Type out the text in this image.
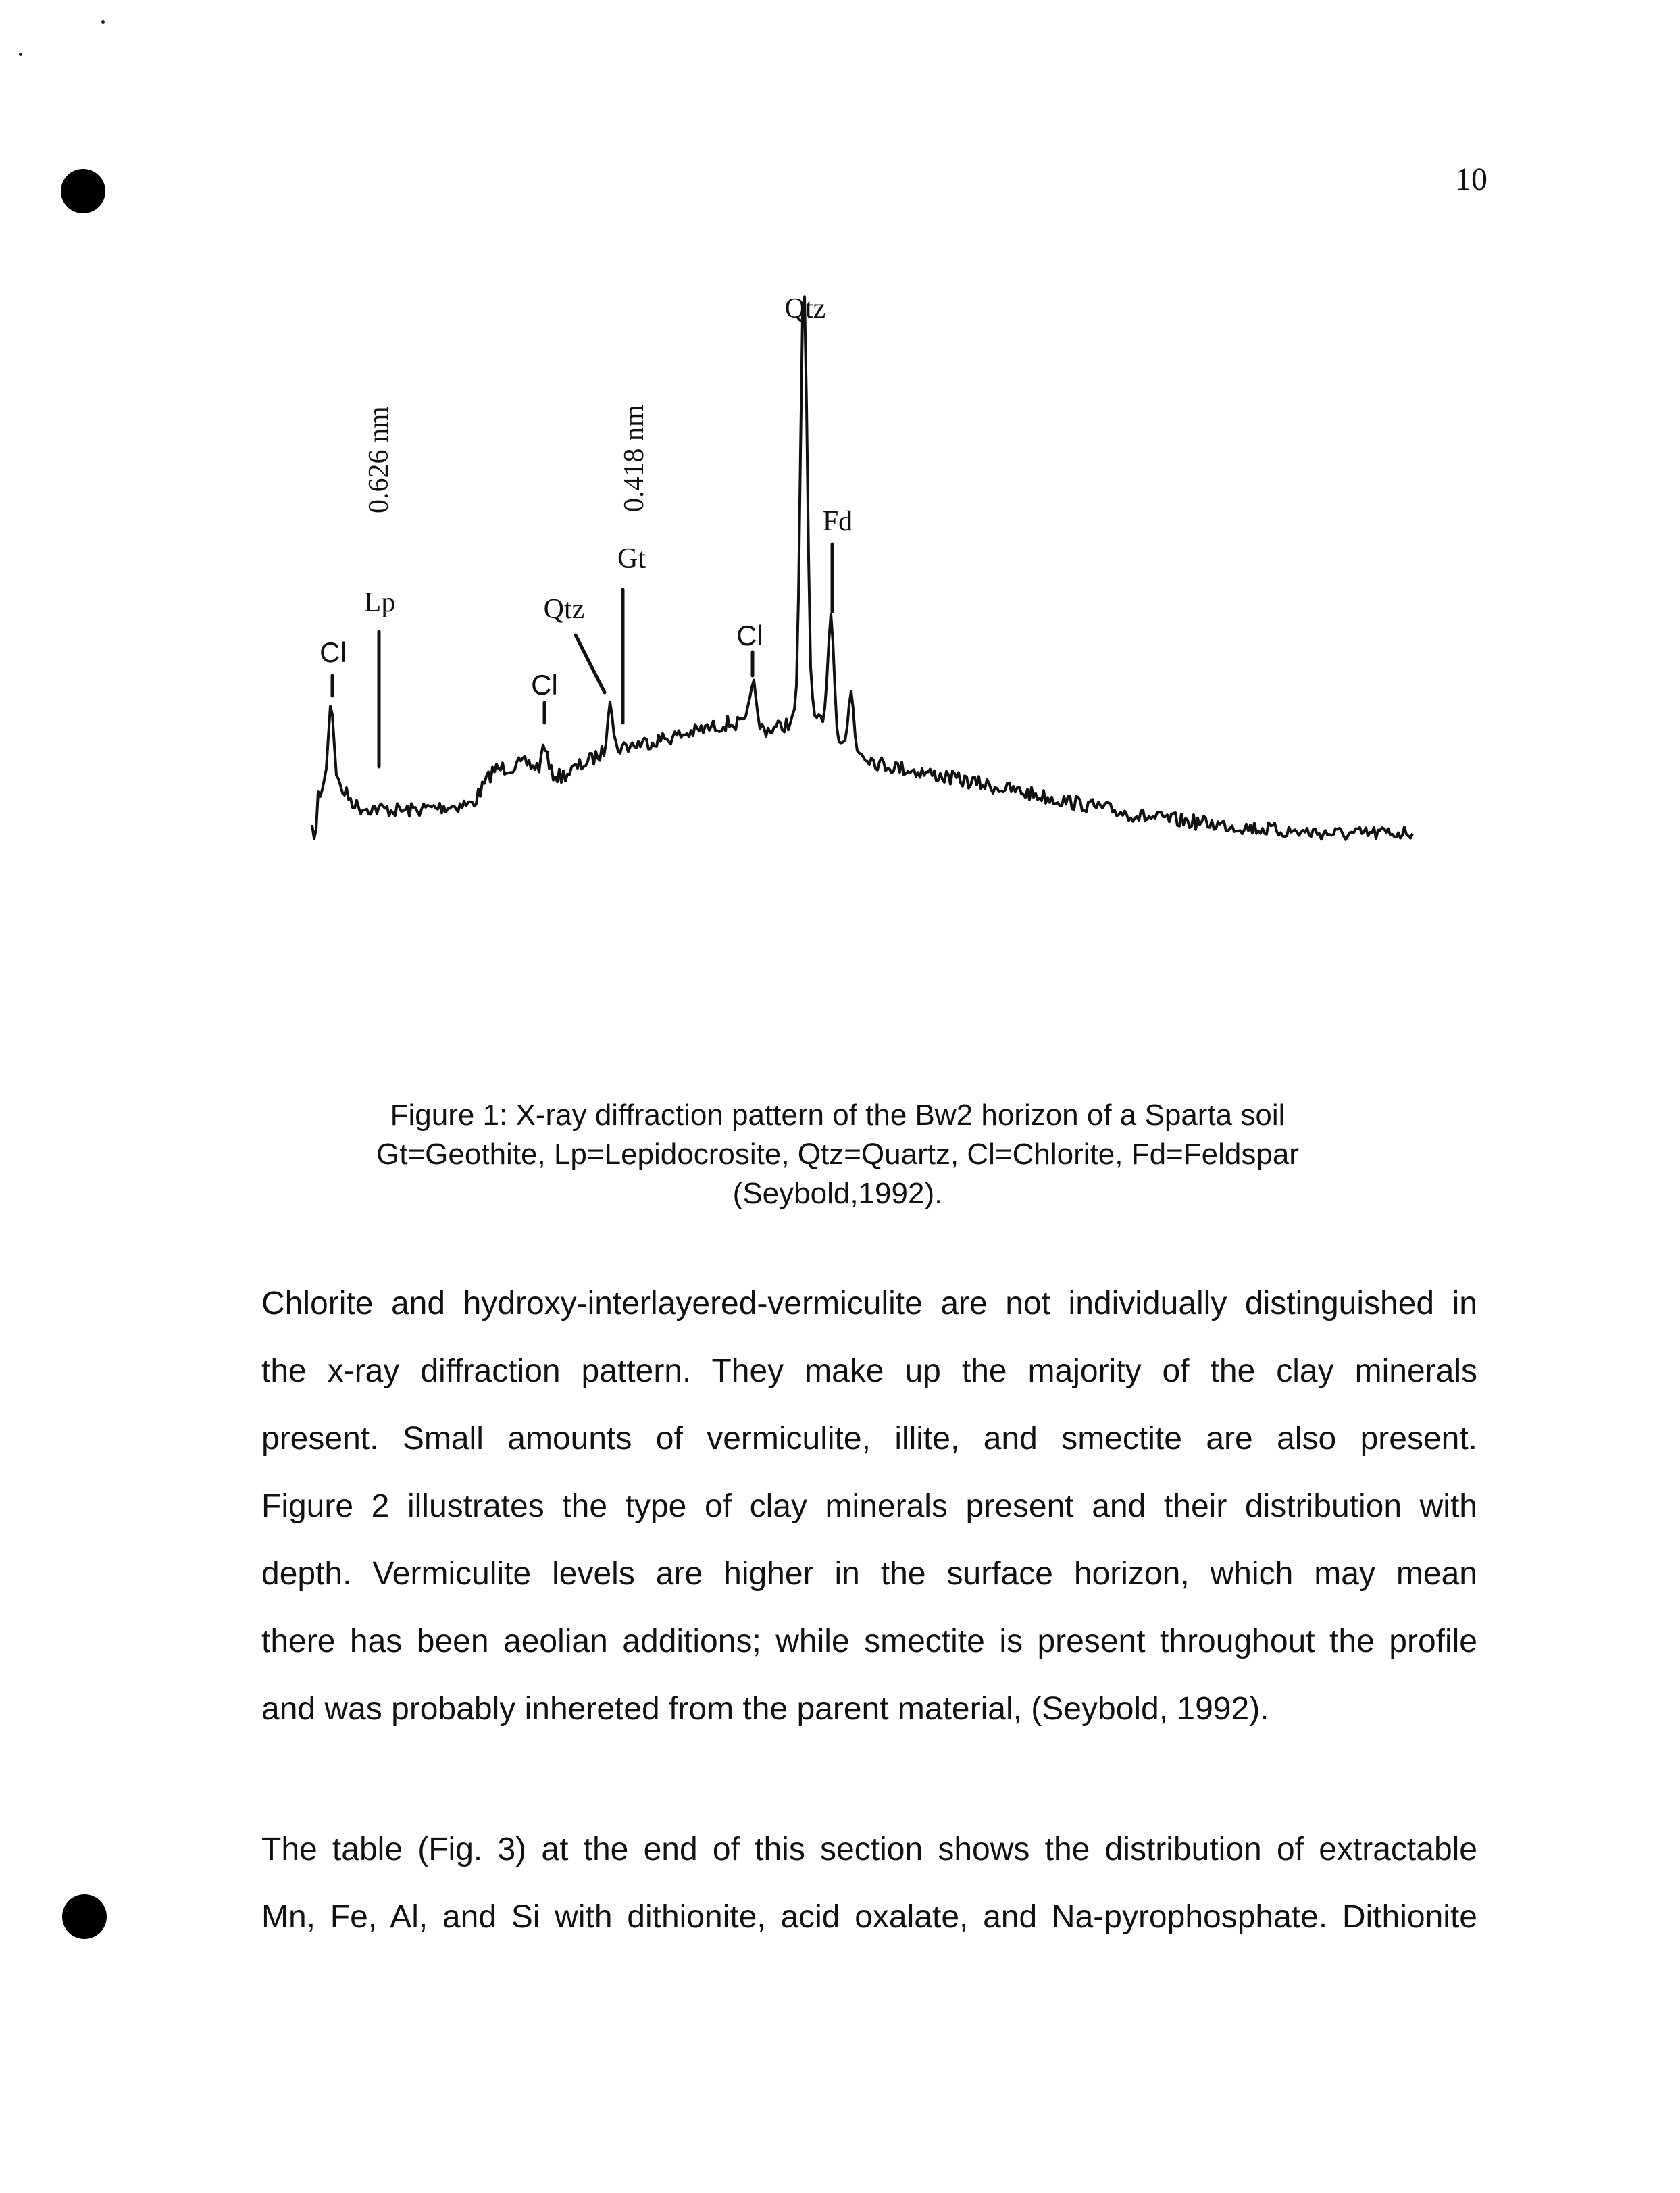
10
Cl
0.626 nm
Lp
Cl
Qtz
0.418 nm
Gt
Cl
Qtz
Fd
Figure 1: X-ray diffraction pattern of the Bw2 horizon of a Sparta soil
Gt=Geothite, Lp=Lepidocrosite, Qtz=Quartz, Cl=Chlorite, Fd=Feldspar
(Seybold,1992).
Chlorite and hydroxy-interlayered-vermiculite are not individually distinguished in
the x-ray diffraction pattern. They make up the majority of the clay minerals
present. Small amounts of vermiculite, illite, and smectite are also present.
Figure 2 illustrates the type of clay minerals present and their distribution with
depth. Vermiculite levels are higher in the surface horizon, which may mean
there has been aeolian additions; while smectite is present throughout the profile
and was probably inhereted from the parent material, (Seybold, 1992).
The table (Fig. 3) at the end of this section shows the distribution of extractable
Mn, Fe, Al, and Si with dithionite, acid oxalate, and Na-pyrophosphate. Dithionite
